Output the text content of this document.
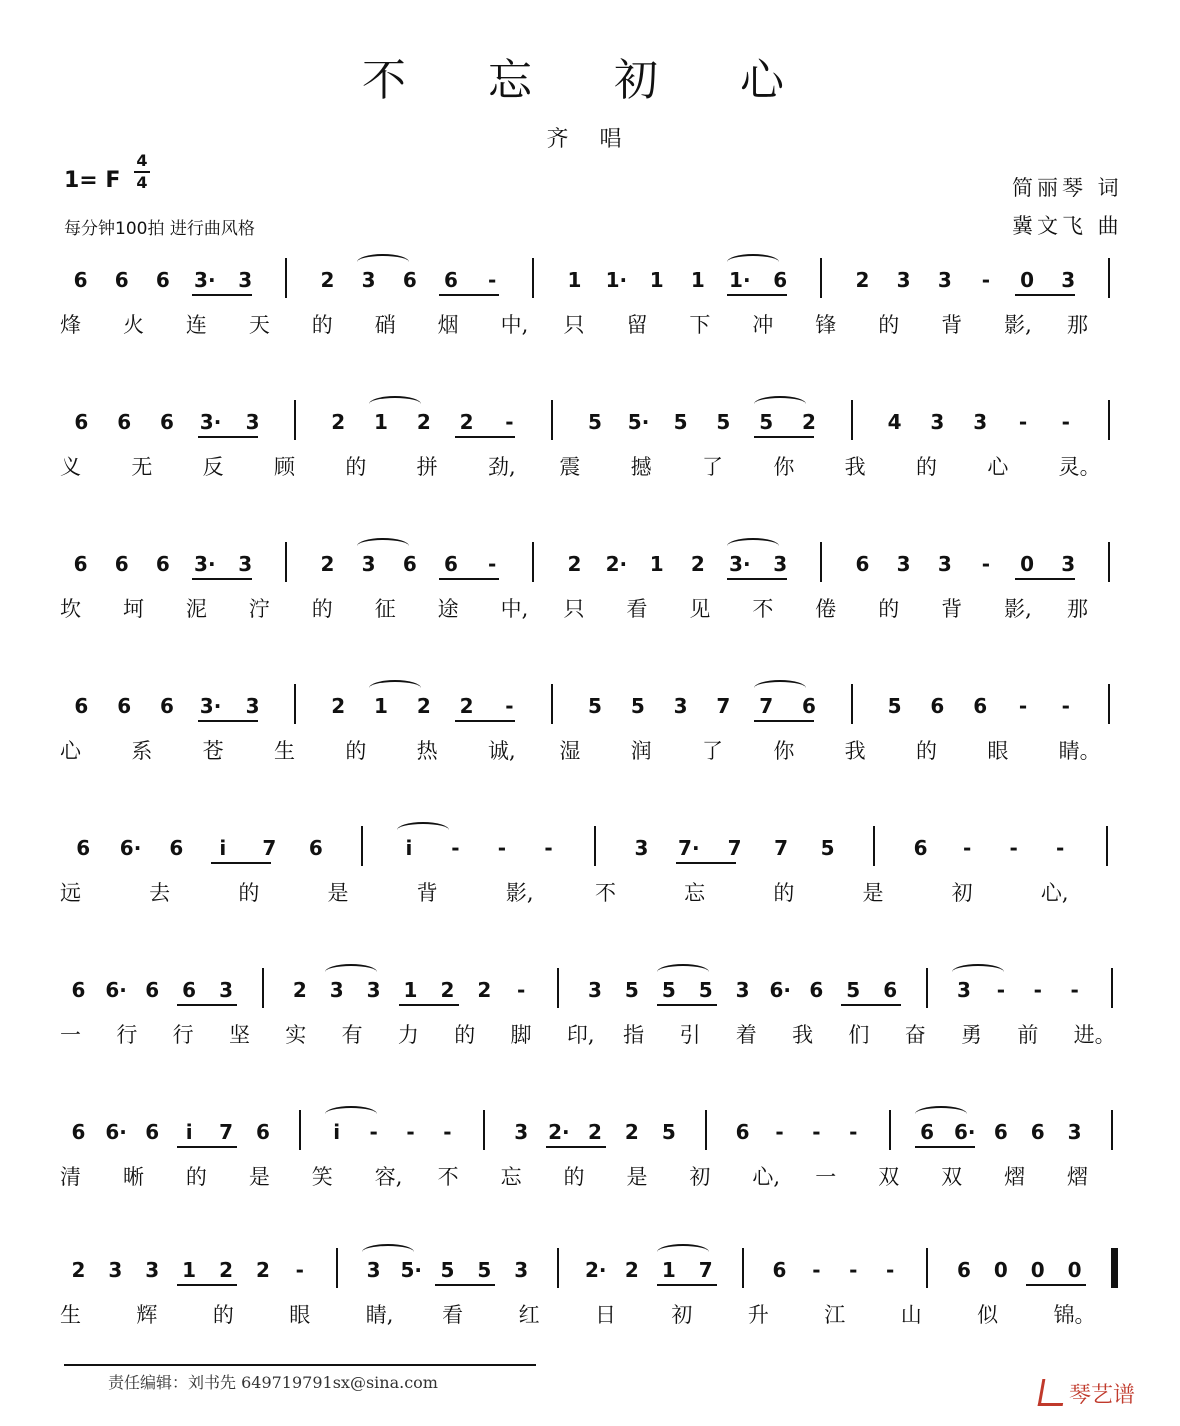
不 忘 初 心
齐 唱
1= F
4
4
每分钟100拍 进行曲风格
简丽琴 词
冀文飞 曲
6 6 6 3· 3	2 3 6 6 -	1 1· 1 1 1· 6	2 3 3 - 0 3
烽 火 连 天 的 硝 烟 中, 只 留 下 冲 锋 的 背 影, 那
6 6 6 3· 3	2 1 2 2 -	5 5· 5 5 5 2	4 3 3 - -
义 无 反 顾 的 拼 劲, 震 撼 了 你 我 的 心 灵。
6 6 6 3· 3	2 3 6 6 -	2 2· 1 2 3· 3	6 3 3 - 0 3
坎 坷 泥 泞 的 征 途 中, 只 看 见 不 倦 的 背 影, 那
6 6 6 3· 3	2 1 2 2 -	5 5 3 7 7 6	5 6 6 - -
心 系 苍 生 的 热 诚, 湿 润 了 你 我 的 眼 睛。
6 6· 6	i	7 6	i	- - -	3 7· 7 7 5	6 - - -
远	去	的	是	背	影,	不	忘	的	是	初	心,
6 6· 6 6 3	2 3 3 1 2 2 -	3 5 5 5 3 6· 6 5 6	3 - - -
一 行 行 坚 实 有 力 的 脚 印, 指 引 着 我 们 奋 勇 前 进。
6 6· 6	i	7 6	i	- - -	3 2· 2 2 5	6 - - -	6 6· 6 6 3
清 晰 的 是 笑 容, 不 忘 的 是 初 心, 一 双 双 熠 熠
2 3 3 1 2 2 -	3 5· 5 5 3	2· 2 1 7	6 - - -	6 0 0 0
生	辉	的	眼	睛, 看	红	日	初	升	江	山	似	锦。
责任编辑：刘书先 649719791sx@sina.com
琴艺谱
